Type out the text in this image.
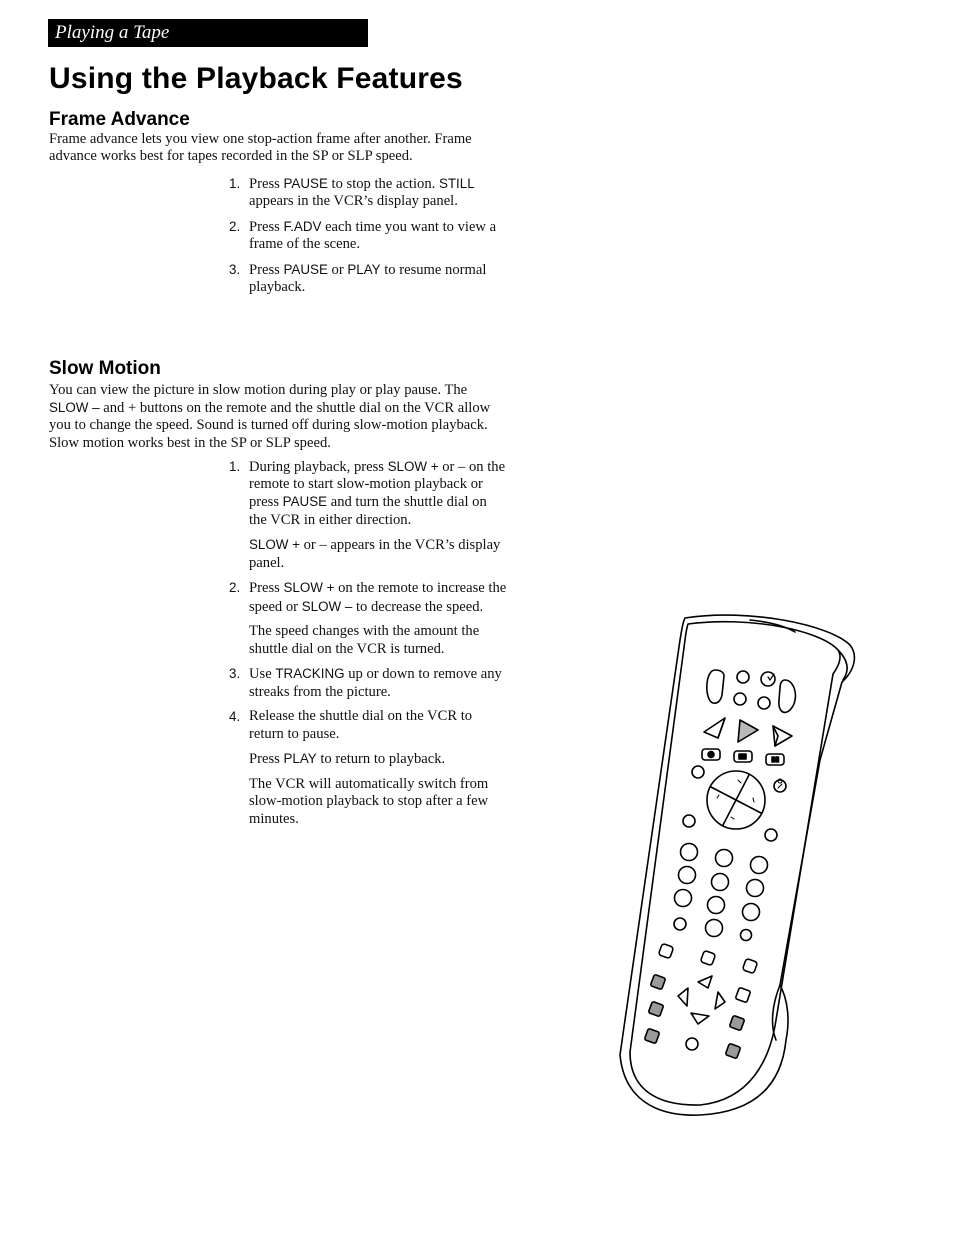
Playing a Tape
Using the Playback Features
Frame Advance

Frame advance lets you view one stop-action frame after another. Frame advance works best for tapes recorded in the SP or SLP speed.

1. Press PAUSE to stop the action. STILL appears in the VCR’s display panel.

2. Press F.ADV each time you want to view a frame of the scene.

3. Press PAUSE or PLAY to resume normal playback.

Slow Motion

You can view the picture in slow motion during play or play pause. The SLOW – and + buttons on the remote and the shuttle dial on the VCR allow you to change the speed. Sound is turned off during slow-motion playback. Slow motion works best in the SP or SLP speed.

1. During playback, press SLOW + or – on the remote to start slow-motion playback or press PAUSE and turn the shuttle dial on the VCR in either direction.

SLOW + or – appears in the VCR’s display panel.

2. Press SLOW + on the remote to increase the speed or SLOW – to decrease the speed.

The speed changes with the amount the shuttle dial on the VCR is turned.

3. Use TRACKING up or down to remove any streaks from the picture.

4. Release the shuttle dial on the VCR to return to pause.

Press PLAY to return to playback.

The VCR will automatically switch from slow-motion playback to stop after a few minutes.
